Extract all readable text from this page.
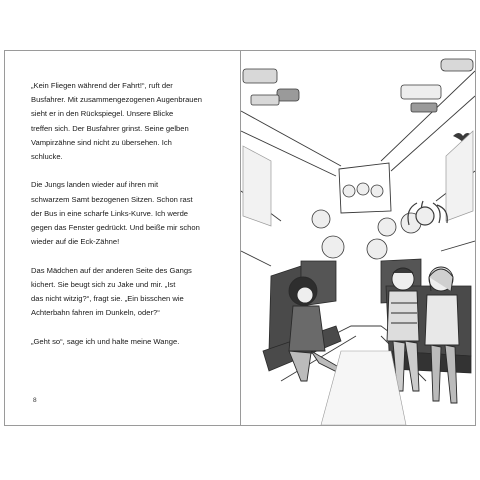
„Kein Fliegen während der Fahrt!“, ruft der
Busfahrer. Mit zusammengezogenen Augenbrauen
sieht er in den Rückspiegel. Unsere Blicke
treffen sich. Der Busfahrer grinst. Seine gelben
Vampirzähne sind nicht zu übersehen. Ich
schlucke.

Die Jungs landen wieder auf ihren mit
schwarzem Samt bezogenen Sitzen. Schon rast
der Bus in eine scharfe Links-Kurve. Ich werde
gegen das Fenster gedrückt. Und beiße mir schon
wieder auf die Eck-Zähne!

Das Mädchen auf der anderen Seite des Gangs
kichert. Sie beugt sich zu Jake und mir. „Ist
das nicht witzig?“, fragt sie. „Ein bisschen wie
Achterbahn fahren im Dunkeln, oder?“

„Geht so“, sage ich und halte meine Wange.

8
